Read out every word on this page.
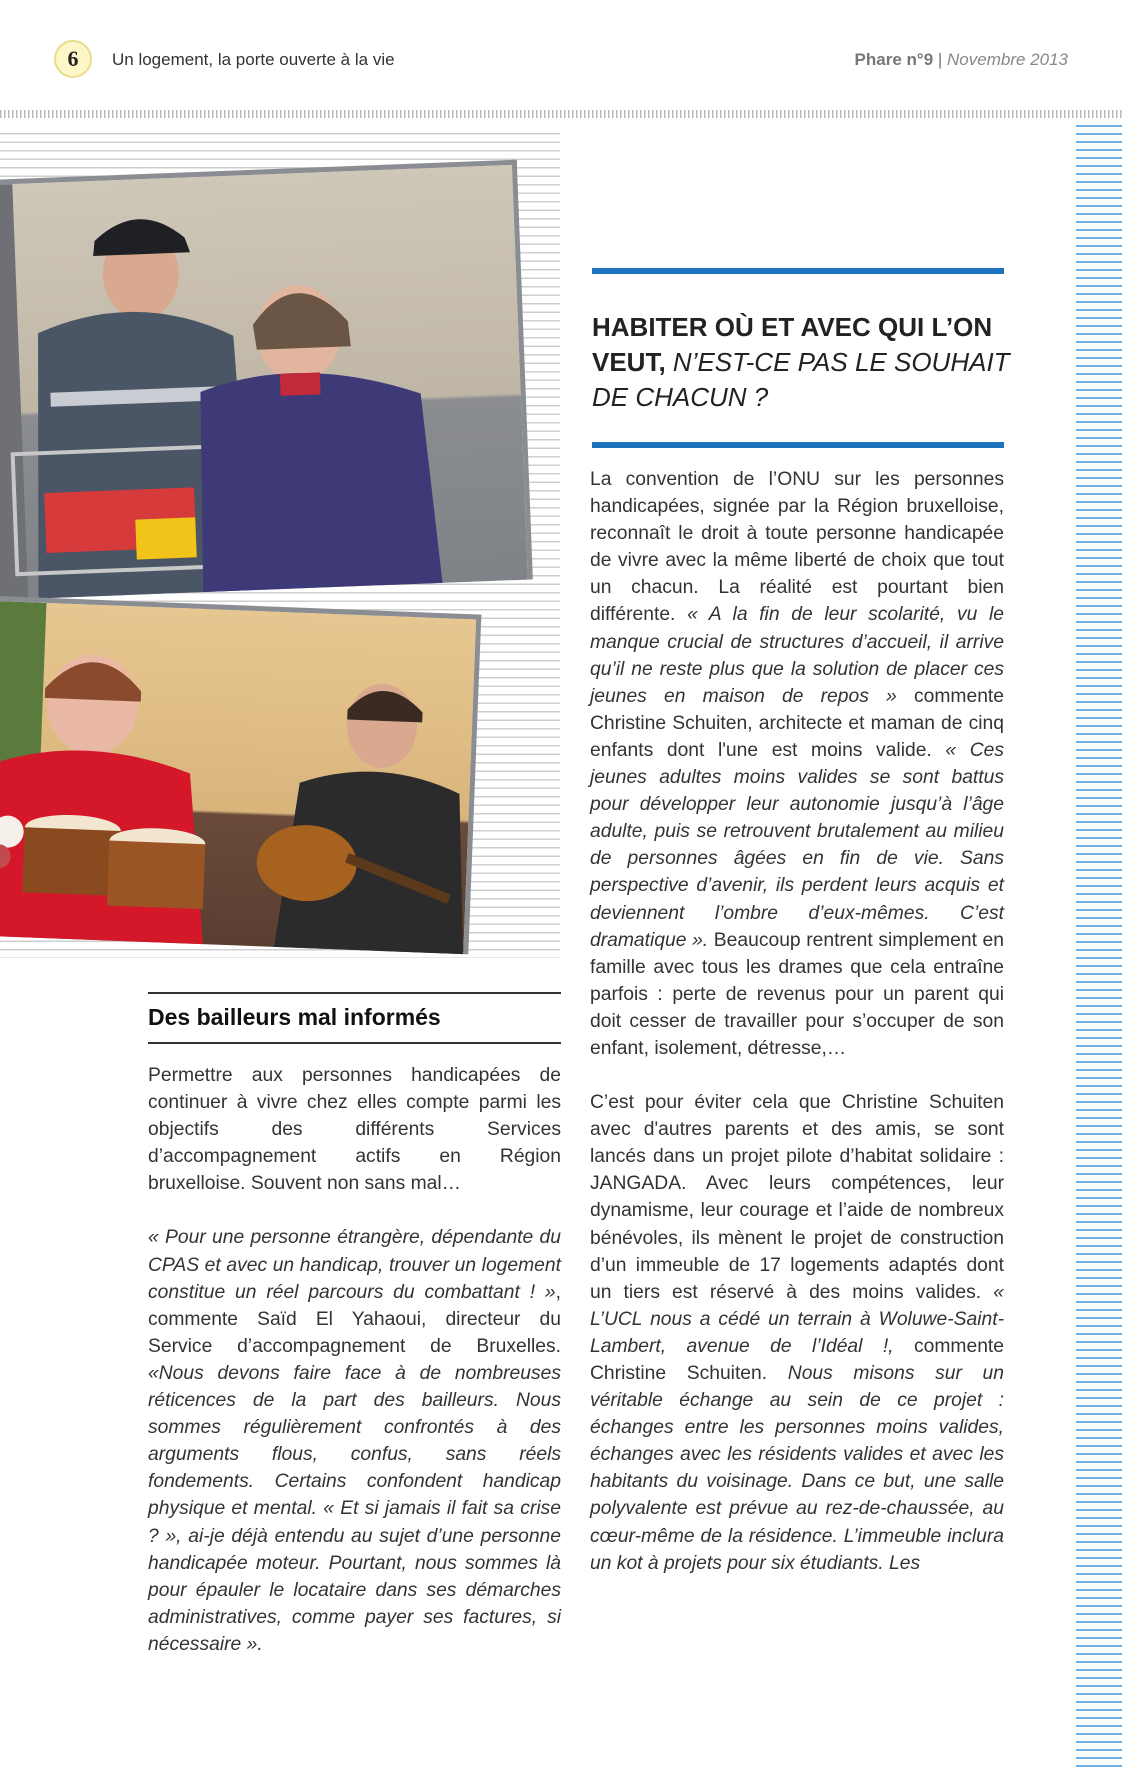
6	Un logement, la porte ouverte à la vie	Phare n°9 | Novembre 2013
HABITER OÙ ET AVEC QUI L’ON VEUT, N’EST-CE PAS LE SOUHAIT DE CHACUN ?

La convention de l’ONU sur les personnes handicapées, signée par la Région bruxelloise, reconnaît le droit à toute personne handicapée de vivre avec la même liberté de choix que tout un chacun. La réalité est pourtant bien différente. « A la fin de leur scolarité, vu le manque crucial de structures d’accueil, il arrive qu’il ne reste plus que la solution de placer ces jeunes en maison de repos » commente Christine Schuiten, architecte et maman de cinq enfants dont l'une est moins valide. « Ces jeunes adultes moins valides se sont battus pour développer leur autonomie jusqu’à l’âge adulte, puis se retrouvent brutalement au milieu de personnes âgées en fin de vie. Sans perspective d’avenir, ils perdent leurs acquis et deviennent l’ombre d’eux-mêmes. C’est dramatique ». Beaucoup rentrent simplement en famille avec tous les drames que cela entraîne parfois : perte de revenus pour un parent qui doit cesser de travailler pour s’occuper de son enfant, isolement, détresse,…

C’est pour éviter cela que Christine Schuiten avec d'autres parents et des amis, se sont lancés dans un projet pilote d’habitat solidaire : JANGADA. Avec leurs compétences, leur dynamisme, leur courage et l’aide de nombreux bénévoles, ils mènent le projet de construction d’un immeuble de 17 logements adaptés dont un tiers est réservé à des moins valides. « L’UCL nous a cédé un terrain à Woluwe-Saint-Lambert, avenue de l’Idéal !, commente Christine Schuiten. Nous misons sur un véritable échange au sein de ce projet : échanges entre les personnes moins valides, échanges avec les résidents valides et avec les habitants du voisinage. Dans ce but, une salle polyvalente est prévue au rez-de-chaussée, au cœur-même de la résidence. L’immeuble inclura un kot à projets pour six étudiants. Les

Des bailleurs mal informés

Permettre aux personnes handicapées de continuer à vivre chez elles compte parmi les objectifs des différents Services d’accompagnement actifs en Région bruxelloise. Souvent non sans mal…

« Pour une personne étrangère, dépendante du CPAS et avec un handicap, trouver un logement constitue un réel parcours du combattant ! », commente Saïd El Yahaoui, directeur du Service d’accompagnement de Bruxelles. «Nous devons faire face à de nombreuses réticences de la part des bailleurs. Nous sommes régulièrement confrontés à des arguments flous, confus, sans réels fondements. Certains confondent handicap physique et mental. « Et si jamais il fait sa crise ? », ai-je déjà entendu au sujet d’une personne handicapée moteur. Pourtant, nous sommes là pour épauler le locataire dans ses démarches administratives, comme payer ses factures, si nécessaire ».
